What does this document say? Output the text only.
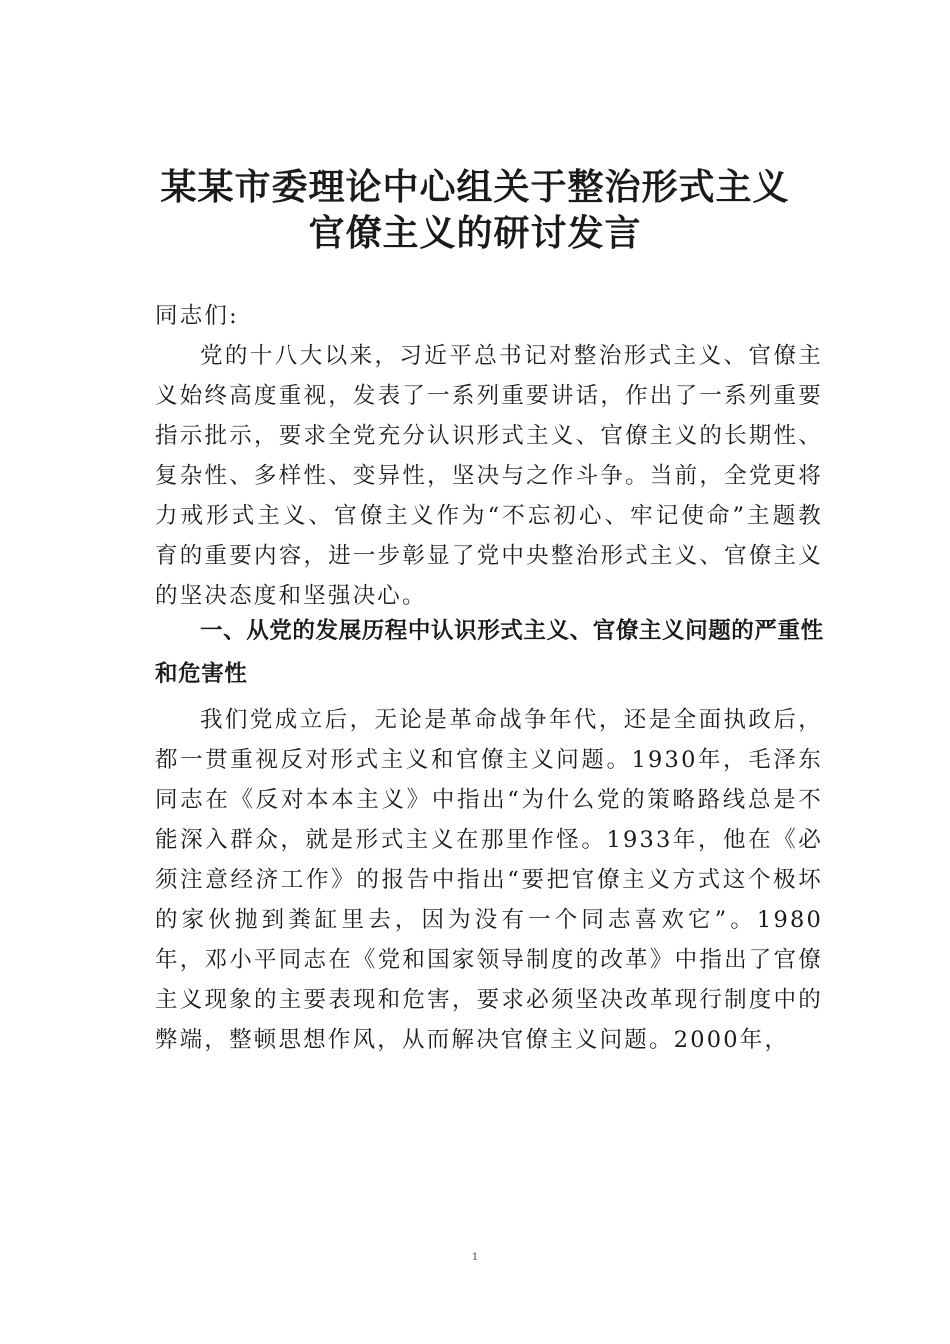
某某市委理论中心组关于整治形式主义
官僚主义的研讨发言
同志们:
党的十八大以来，习近平总书记对整治形式主义、官僚主义始终高度重视，发表了一系列重要讲话，作出了一系列重要指示批示，要求全党充分认识形式主义、官僚主义的长期性、复杂性、多样性、变异性，坚决与之作斗争。当前，全党更将力戒形式主义、官僚主义作为“不忘初心、牢记使命”主题教育的重要内容，进一步彰显了党中央整治形式主义、官僚主义的坚决态度和坚强决心。
一、从党的发展历程中认识形式主义、官僚主义问题的严重性和危害性
我们党成立后，无论是革命战争年代，还是全面执政后，都一贯重视反对形式主义和官僚主义问题。1930年，毛泽东同志在《反对本本主义》中指出“为什么党的策略路线总是不能深入群众，就是形式主义在那里作怪。1933年，他在《必须注意经济工作》的报告中指出“要把官僚主义方式这个极坏的家伙抛到粪缸里去，因为没有一个同志喜欢它”。1980年，邓小平同志在《党和国家领导制度的改革》中指出了官僚主义现象的主要表现和危害，要求必须坚决改革现行制度中的弊端，整顿思想作风，从而解决官僚主义问题。2000年，
1
